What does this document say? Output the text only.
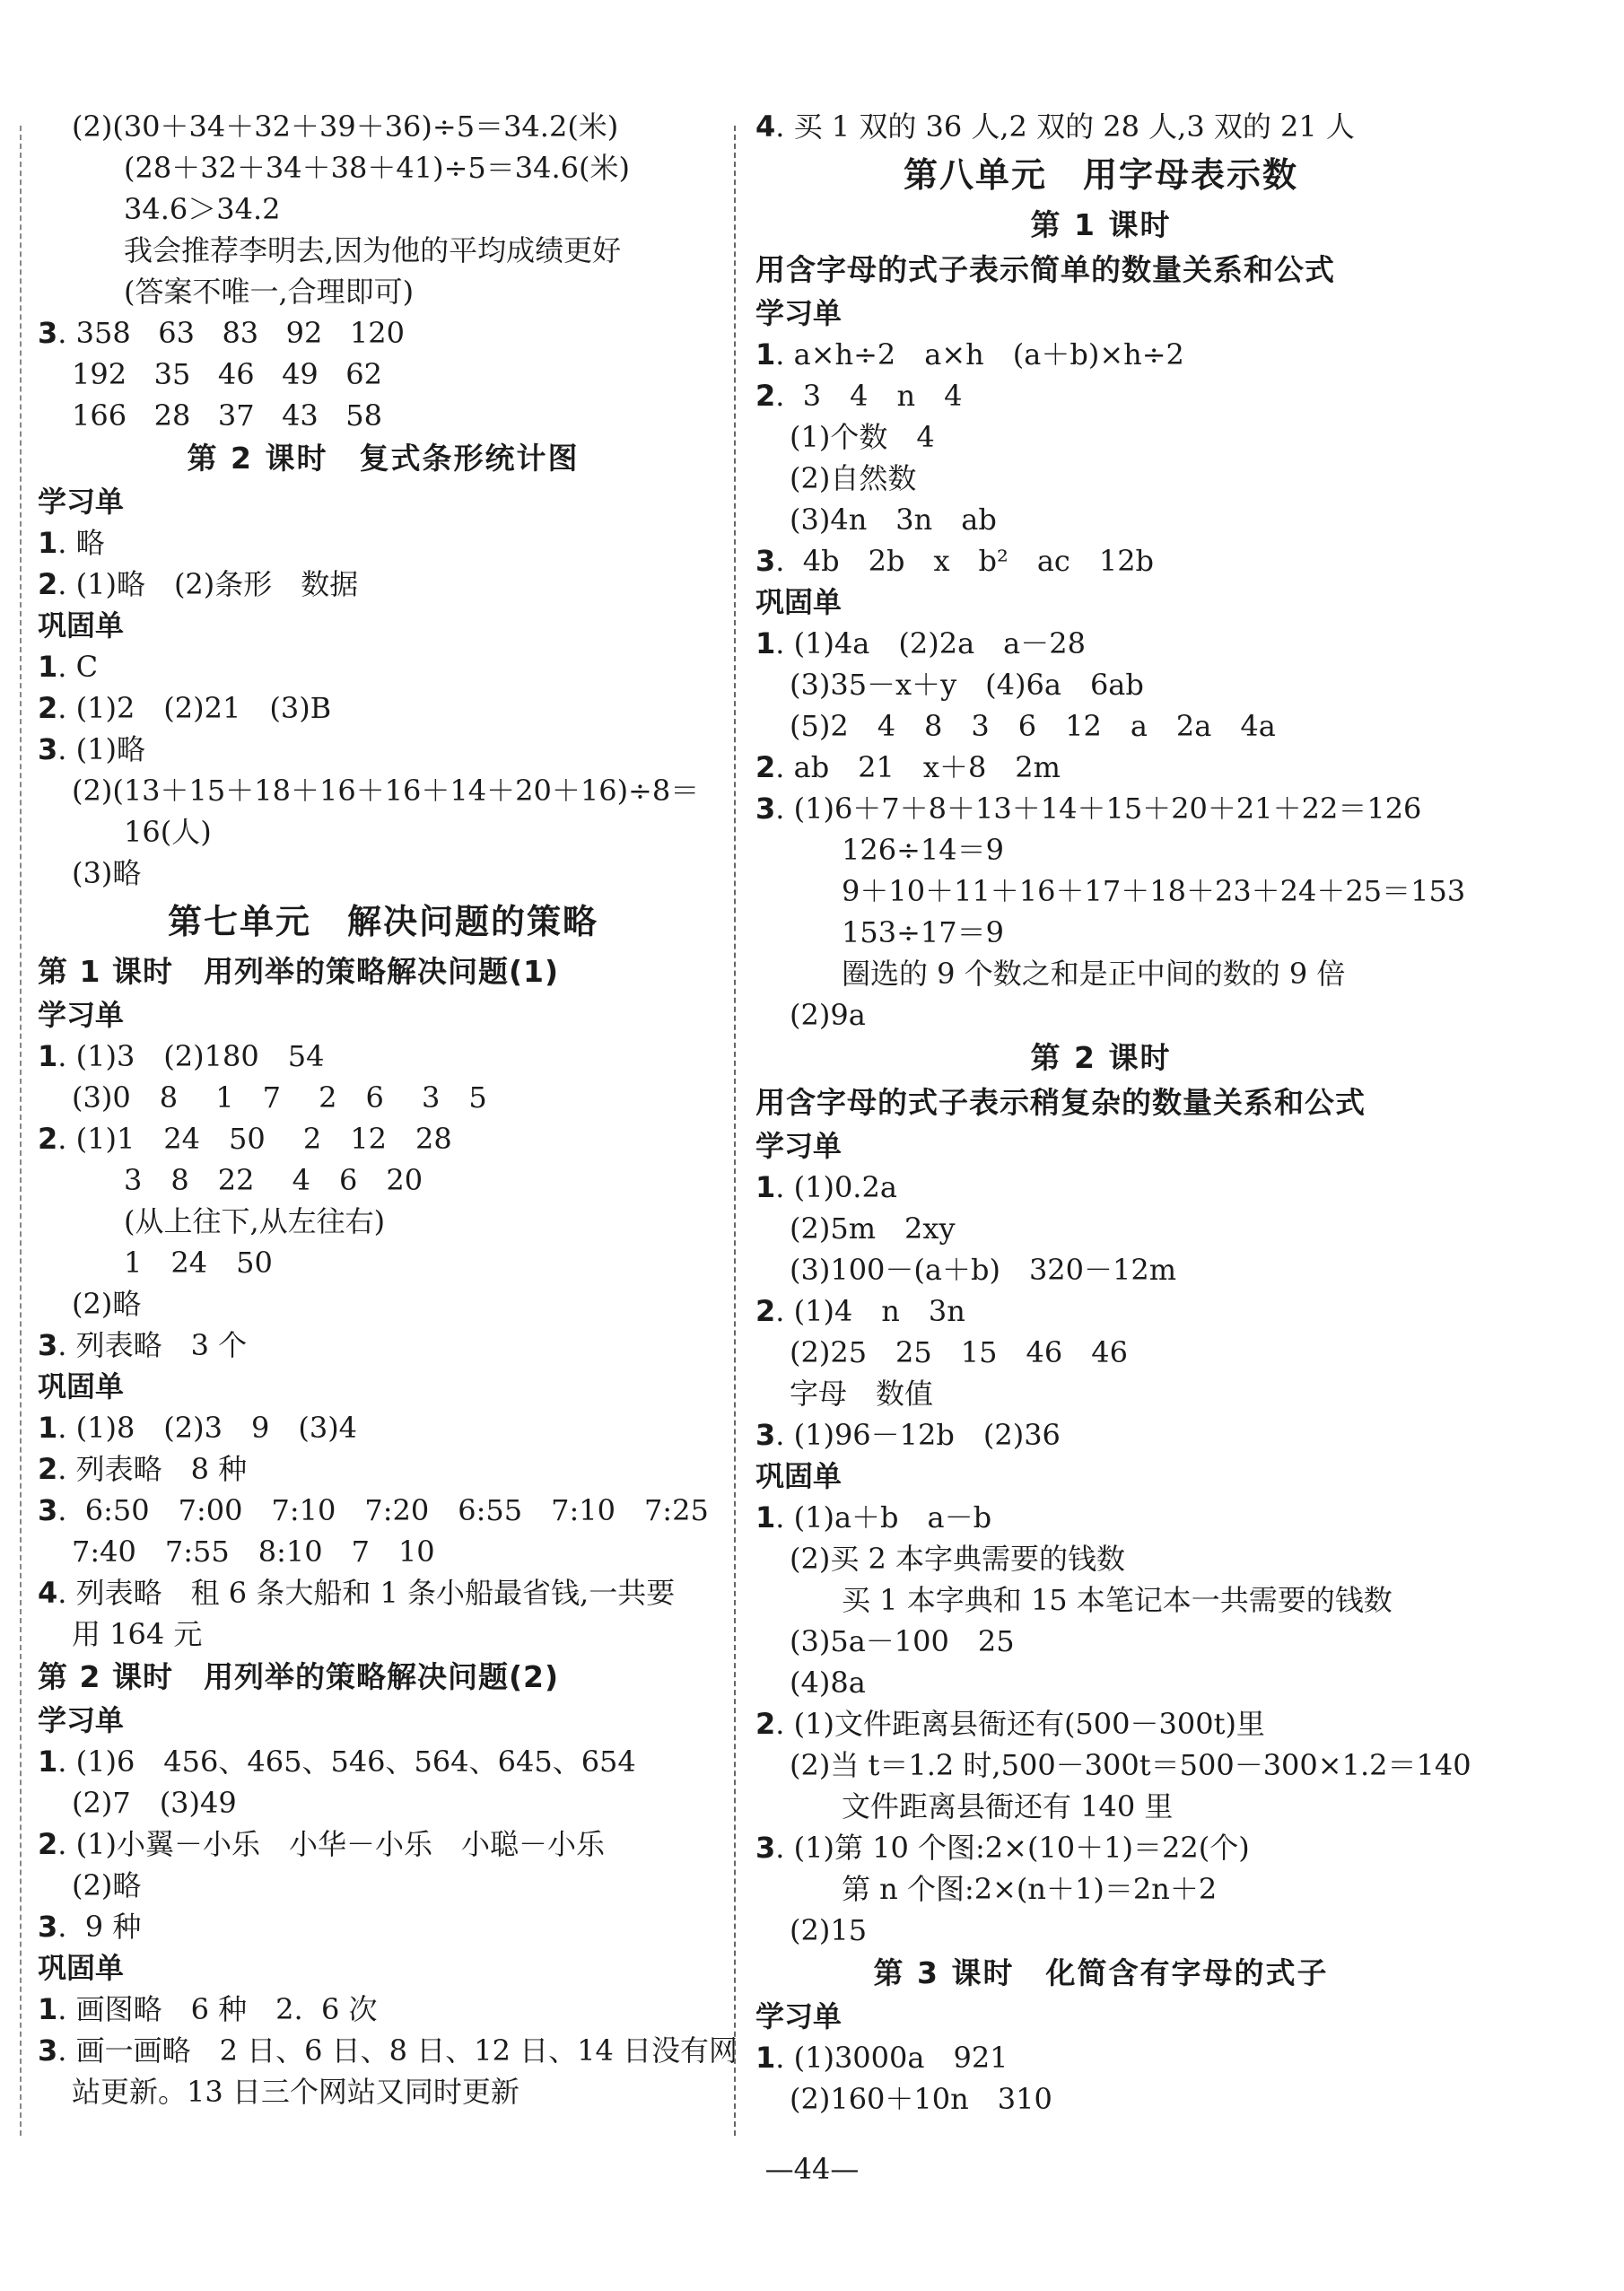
(2)(30＋34＋32＋39＋36)÷5＝34.2(米)
(28＋32＋34＋38＋41)÷5＝34.6(米)
34.6＞34.2
我会推荐李明去,因为他的平均成绩更好
(答案不唯一,合理即可)
3. 358   63   83   92   120
192   35   46   49   62
166   28   37   43   58
第 2 课时　复式条形统计图
学习单
1. 略
2. (1)略　(2)条形　数据
巩固单
1. C
2. (1)2　(2)21　(3)B
3. (1)略
(2)(13＋15＋18＋16＋16＋14＋20＋16)÷8＝
16(人)
(3)略
第七单元　解决问题的策略
第 1 课时　用列举的策略解决问题(1)
学习单
1. (1)3　(2)180　54
(3)0　8　 1　7　 2　6　 3　5
2. (1)1　24　50　 2　12　28
3　8　22　 4　6　20
(从上往下,从左往右)
1　24　50
(2)略
3. 列表略　3 个
巩固单
1. (1)8　(2)3　9　(3)4
2. 列表略　8 种
3.  6:50　7:00　7:10　7:20　6:55　7:10　7:25
7:40　7:55　8:10　7　10
4. 列表略　租 6 条大船和 1 条小船最省钱,一共要
用 164 元
第 2 课时　用列举的策略解决问题(2)
学习单
1. (1)6　456、465、546、564、645、654
(2)7　(3)49
2. (1)小翼－小乐　小华－小乐　小聪－小乐
(2)略
3.  9 种
巩固单
1. 画图略　6 种　2.  6 次
3. 画一画略　2 日、6 日、8 日、12 日、14 日没有网
站更新。13 日三个网站又同时更新
4. 买 1 双的 36 人,2 双的 28 人,3 双的 21 人
第八单元　用字母表示数
第 1 课时
用含字母的式子表示简单的数量关系和公式
学习单
1. a×h÷2　a×h　(a＋b)×h÷2
2.  3　4　n　4
(1)个数　4
(2)自然数
(3)4n　3n　ab
3.  4b　2b　x　b²　ac　12b
巩固单
1. (1)4a　(2)2a　a－28
(3)35－x＋y　(4)6a　6ab
(5)2　4　8　3　6　12　a　2a　4a
2. ab　21　x＋8　2m
3. (1)6＋7＋8＋13＋14＋15＋20＋21＋22＝126
126÷14＝9
9＋10＋11＋16＋17＋18＋23＋24＋25＝153
153÷17＝9
圈选的 9 个数之和是正中间的数的 9 倍
(2)9a
第 2 课时
用含字母的式子表示稍复杂的数量关系和公式
学习单
1. (1)0.2a
(2)5m　2xy
(3)100－(a＋b)　320－12m
2. (1)4　n　3n
(2)25　25　15　46　46
字母　数值
3. (1)96－12b　(2)36
巩固单
1. (1)a＋b　a－b
(2)买 2 本字典需要的钱数
买 1 本字典和 15 本笔记本一共需要的钱数
(3)5a－100　25
(4)8a
2. (1)文件距离县衙还有(500－300t)里
(2)当 t＝1.2 时,500－300t＝500－300×1.2＝140
文件距离县衙还有 140 里
3. (1)第 10 个图:2×(10＋1)＝22(个)
第 n 个图:2×(n＋1)＝2n＋2
(2)15
第 3 课时　化简含有字母的式子
学习单
1. (1)3000a　921
(2)160＋10n　310
—44—
